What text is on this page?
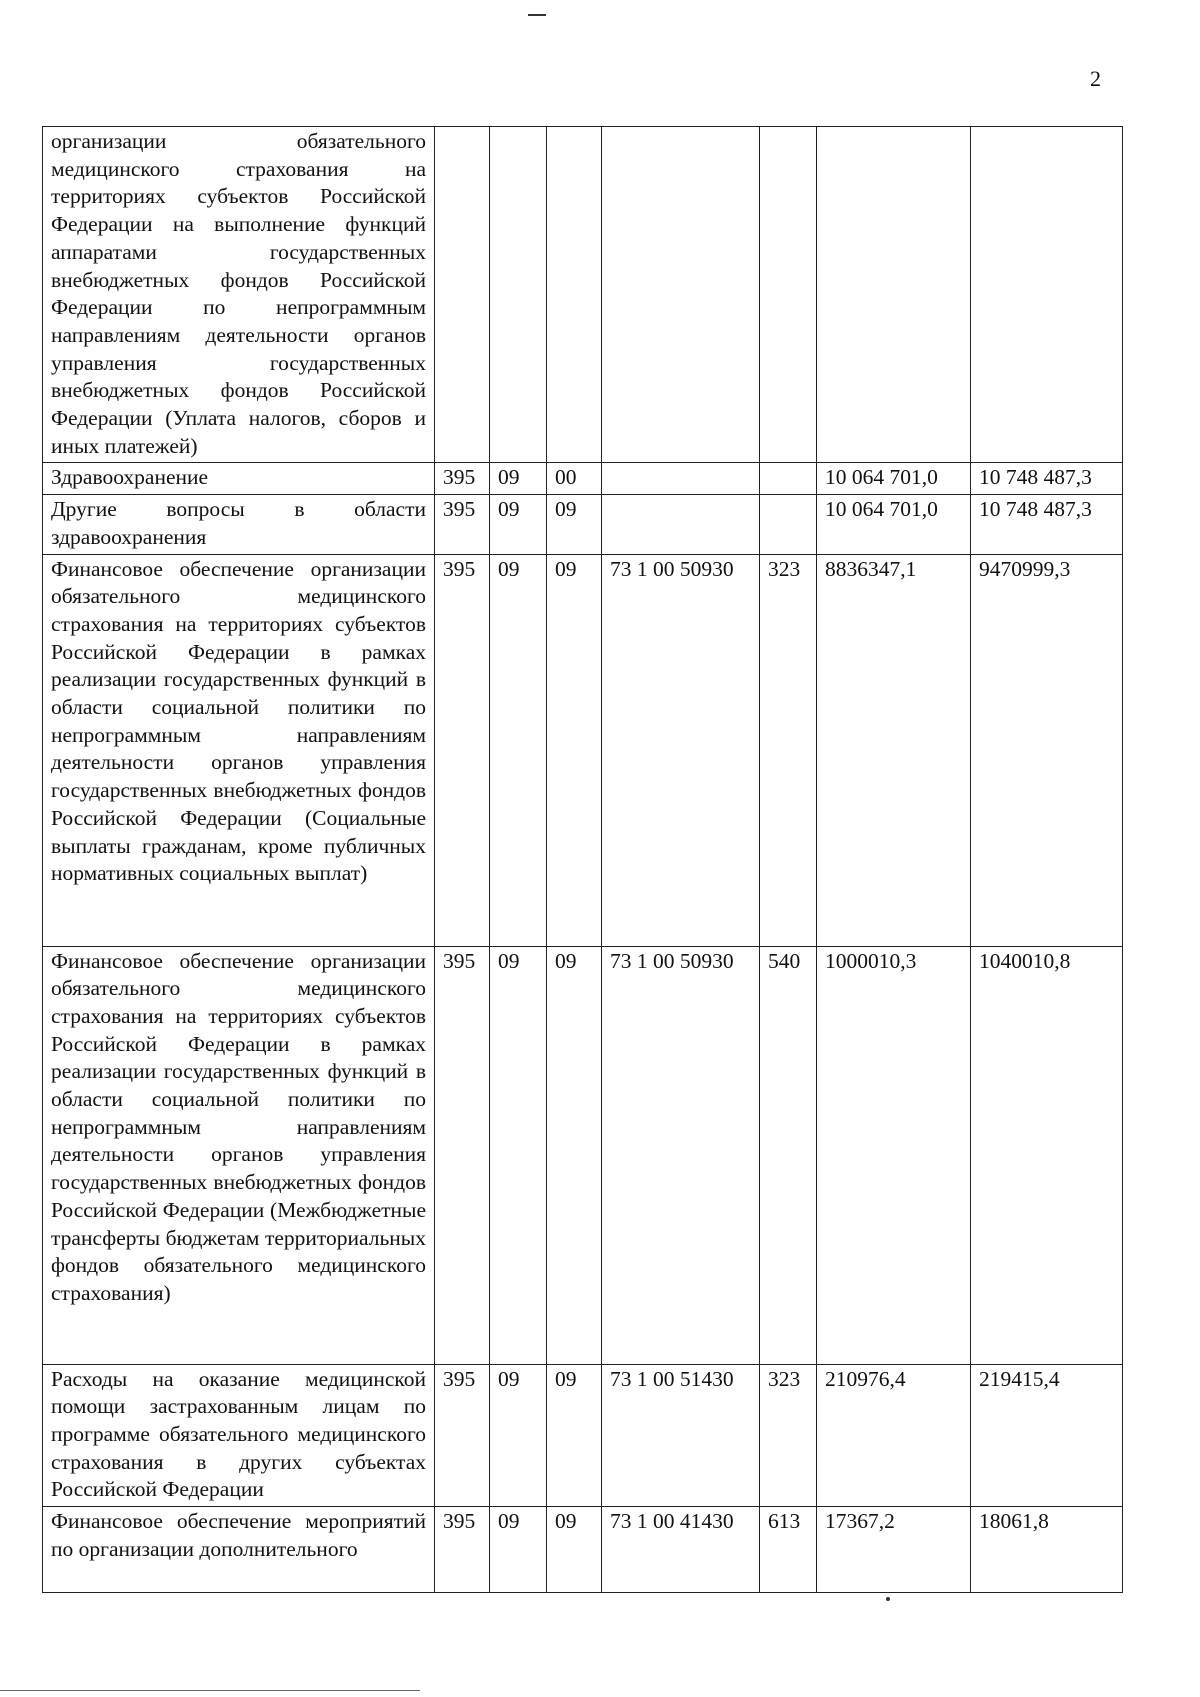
2
организации обязательного медицинского страхования на территориях субъектов Российской Федерации на выполнение функций аппаратами государственных внебюджетных фондов Российской Федерации по непрограммным направлениям деятельности органов управления государственных внебюджетных фондов Российской Федерации (Уплата налогов, сборов и иных платежей)							
Здравоохранение	395	09	00			10 064 701,0	10 748 487,3
Другие вопросы в области здравоохранения	395	09	09			10 064 701,0	10 748 487,3
Финансовое обеспечение организации обязательного медицинского страхования на территориях субъектов Российской Федерации в рамках реализации государственных функций в области социальной политики по непрограммным направлениям деятельности органов управления государственных внебюджетных фондов Российской Федерации (Социальные выплаты гражданам, кроме публичных нормативных социальных выплат)	395	09	09	73 1 00 50930	323	8836347,1	9470999,3
Финансовое обеспечение организации обязательного медицинского страхования на территориях субъектов Российской Федерации в рамках реализации государственных функций в области социальной политики по непрограммным направлениям деятельности органов управления государственных внебюджетных фондов Российской Федерации (Межбюджетные трансферты бюджетам территориальных фондов обязательного медицинского страхования)	395	09	09	73 1 00 50930	540	1000010,3	1040010,8
Расходы на оказание медицинской помощи застрахованным лицам по программе обязательного медицинского страхования в других субъектах Российской Федерации	395	09	09	73 1 00 51430	323	210976,4	219415,4
Финансовое обеспечение мероприятий по организации дополнительного	395	09	09	73 1 00 41430	613	17367,2	18061,8
